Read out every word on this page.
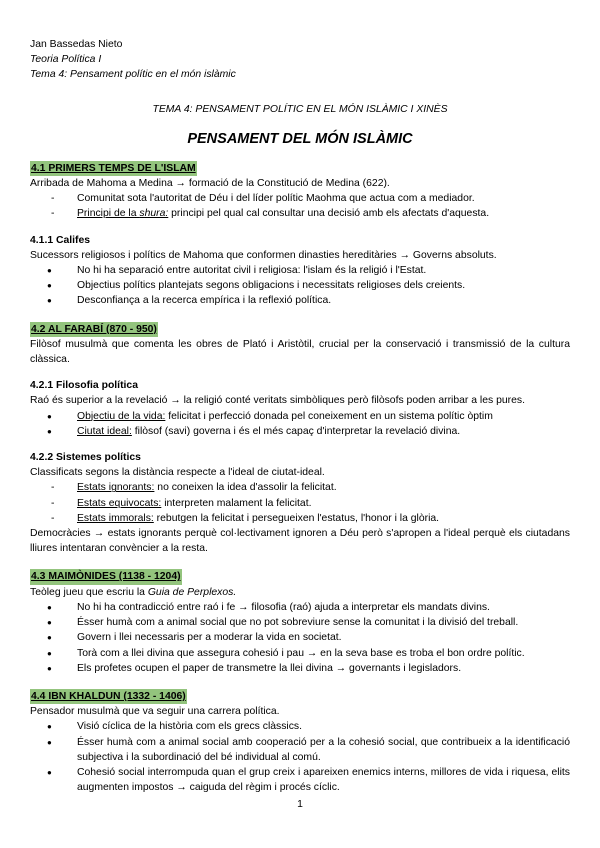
Jan Bassedas Nieto

Teoria Política I

Tema 4: Pensament polític en el món islàmic

TEMA 4: PENSAMENT POLÍTIC EN EL MÓN ISLÀMIC I XINÈS

PENSAMENT DEL MÓN ISLÀMIC

4.1 PRIMERS TEMPS DE L'ISLAM

Arribada de Mahoma a Medina → formació de la Constitució de Medina (622).

- Comunitat sota l'autoritat de Déu i del líder polític Maohma que actua com a mediador.
- Principi de la shura: principi pel qual cal consultar una decisió amb els afectats d'aquesta.

4.1.1 Califes

Sucessors religiosos i polítics de Mahoma que conformen dinasties hereditàries → Governs absoluts.

● No hi ha separació entre autoritat civil i religiosa: l'islam és la religió i l'Estat.
● Objectius polítics plantejats segons obligacions i necessitats religioses dels creients.
● Desconfiança a la recerca empírica i la reflexió política.
4.2 AL FARABÍ (870 - 950)

Filòsof musulmà que comenta les obres de Plató i Aristòtil, crucial per la conservació i transmissió de la cultura clàssica.

4.2.1 Filosofia política

Raó és superior a la revelació → la religió conté veritats simbòliques però filòsofs poden arribar a les pures.

● Objectiu de la vida: felicitat i perfecció donada pel coneixement en un sistema polític òptim
● Ciutat ideal: filòsof (savi) governa i és el més capaç d'interpretar la revelació divina.

4.2.2 Sistemes polítics

Classificats segons la distància respecte a l'ideal de ciutat-ideal.

- Estats ignorants: no coneixen la idea d'assolir la felicitat.
- Estats equivocats: interpreten malament la felicitat.
- Estats immorals: rebutgen la felicitat i persegueixen l'estatus, l'honor i la glòria.

Democràcies → estats ignorants perquè col·lectivament ignoren a Déu però s'apropen a l'ideal perquè els ciutadans lliures intentaran convèncier a la resta.

4.3 MAIMÒNIDES (1138 - 1204)

Teòleg jueu que escriu la Guia de Perplexos.

● No hi ha contradicció entre raó i fe → filosofia (raó) ajuda a interpretar els mandats divins.
● Ésser humà com a animal social que no pot sobreviure sense la comunitat i la divisió del treball.
● Govern i llei necessaris per a moderar la vida en societat.
● Torà com a llei divina que assegura cohesió i pau → en la seva base es troba el bon ordre polític.
● Els profetes ocupen el paper de transmetre la llei divina → governants i legisladors.
4.4 IBN KHALDUN (1332 - 1406)

Pensador musulmà que va seguir una carrera política.

● Visió cíclica de la història com els grecs clàssics.
● Ésser humà com a animal social amb cooperació per a la cohesió social, que contribueix a la identificació subjectiva i la subordinació del bé individual al comú.
● Cohesió social interrompuda quan el grup creix i apareixen enemics interns, millores de vida i riquesa, elits augmenten impostos → caiguda del règim i procés cíclic.
1
